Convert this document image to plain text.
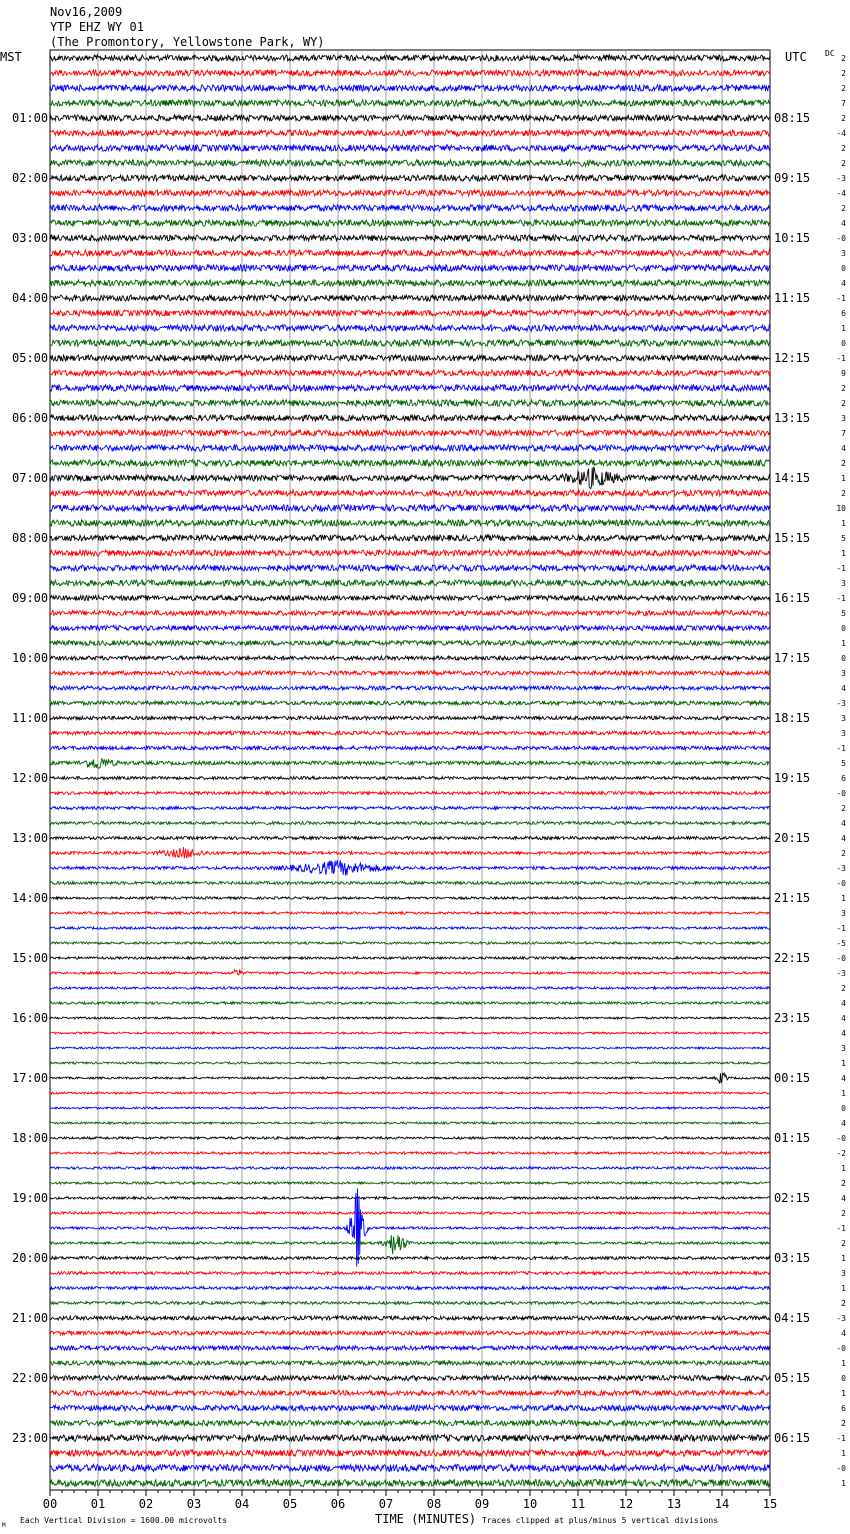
Nov16,2009
YTP EHZ WY 01
(The Promontory, Yellowstone Park, WY)
MST	UTC DC
01:00
02:00
03:00
04:00
05:00
06:00
07:00
08:00
09:00
10:00
11:00
12:00
13:00
14:00
15:00
16:00
17:00
18:00
19:00
20:00
21:00
22:00
23:00
08:15
09:15
10:15
11:15
12:15
13:15
14:15
15:15
16:15
17:15
18:15
19:15
20:15
21:15
22:15
23:15
00:15
01:15
02:15
03:15
04:15
05:15
06:15
2
2
2
7
2
-4
2
2
-3
-4
2
4
-0
3
0
4
-1
6
1
0
-1
9
2
2
3
7
4
2
1
2
10
1
5
1
-1
3
-1
5
0
1
0
3
4
-3
3
3
-1
5
6
-0
2
4
4
2
-3
-0
1
3
-1
-5
-0
-3
2
4
4
4
3
1
4
1
0
4
-0
-2
1
2
4
2
-1
2
1
3
1
2
-3
4
-0
1
0
1
6
2
-1
1
-0
1
00	01	02	03	04	05	06	07	08	09	10	11	12	13	14	15
TIME (MINUTES)
Each Vertical Division = 1600.00 microvolts	Traces clipped at plus/minus 5 vertical divisions
M
